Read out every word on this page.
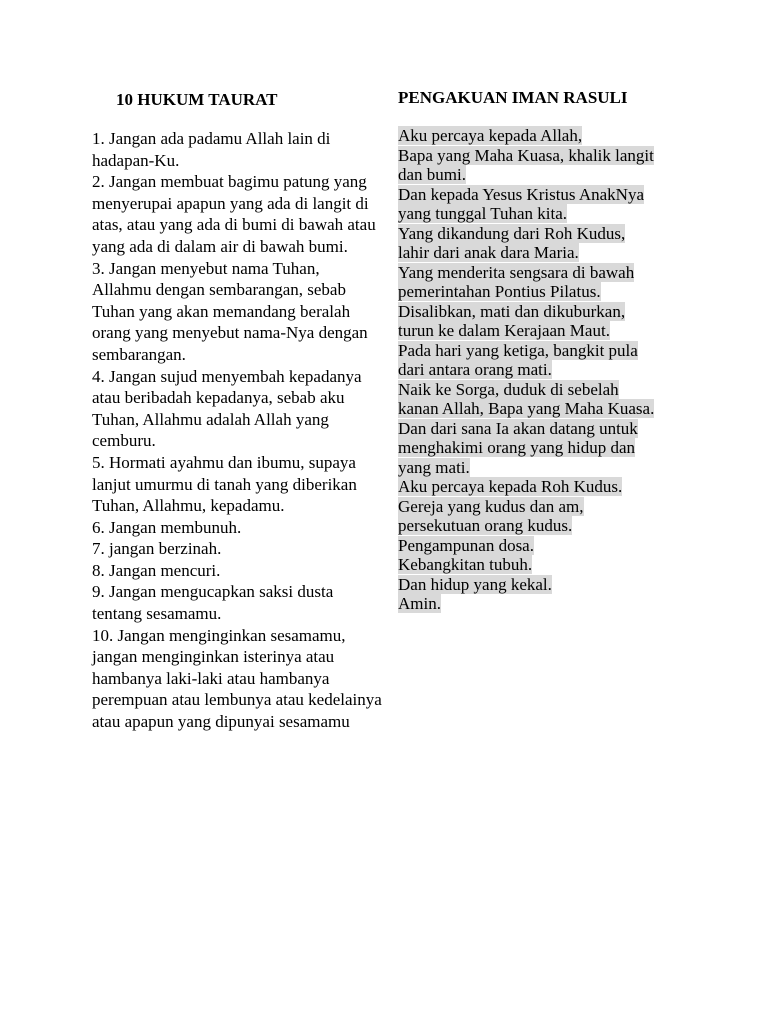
10 HUKUM TAURAT

1. Jangan ada padamu Allah lain di hadapan-Ku.

2. Jangan membuat bagimu patung yang menyerupai apapun yang ada di langit di atas, atau yang ada di bumi di bawah atau yang ada di dalam air di bawah bumi.

3. Jangan menyebut nama Tuhan, Allahmu dengan sembarangan, sebab Tuhan yang akan memandang beralah orang yang menyebut nama-Nya dengan sembarangan.

4. Jangan sujud menyembah kepadanya atau beribadah kepadanya, sebab aku Tuhan, Allahmu adalah Allah yang cemburu.

5. Hormati ayahmu dan ibumu, supaya lanjut umurmu di tanah yang diberikan Tuhan, Allahmu, kepadamu.

6. Jangan membunuh.

7. jangan berzinah.

8. Jangan mencuri.

9. Jangan mengucapkan saksi dusta tentang sesamamu.

10. Jangan menginginkan sesamamu, jangan menginginkan isterinya atau hambanya laki-laki atau hambanya perempuan atau lembunya atau kedelainya atau apapun yang dipunyai sesamamu

PENGAKUAN IMAN RASULI
Aku percaya kepada Allah,
Bapa yang Maha Kuasa, khalik langit dan bumi.
Dan kepada Yesus Kristus AnakNya yang tunggal Tuhan kita.
Yang dikandung dari Roh Kudus, lahir dari anak dara Maria.
Yang menderita sengsara di bawah pemerintahan Pontius Pilatus.
Disalibkan, mati dan dikuburkan, turun ke dalam Kerajaan Maut.
Pada hari yang ketiga, bangkit pula dari antara orang mati.
Naik ke Sorga, duduk di sebelah kanan Allah, Bapa yang Maha Kuasa.
Dan dari sana Ia akan datang untuk menghakimi orang yang hidup dan yang mati.
Aku percaya kepada Roh Kudus.
Gereja yang kudus dan am, persekutuan orang kudus.
Pengampunan dosa.
Kebangkitan tubuh.
Dan hidup yang kekal.
Amin.
